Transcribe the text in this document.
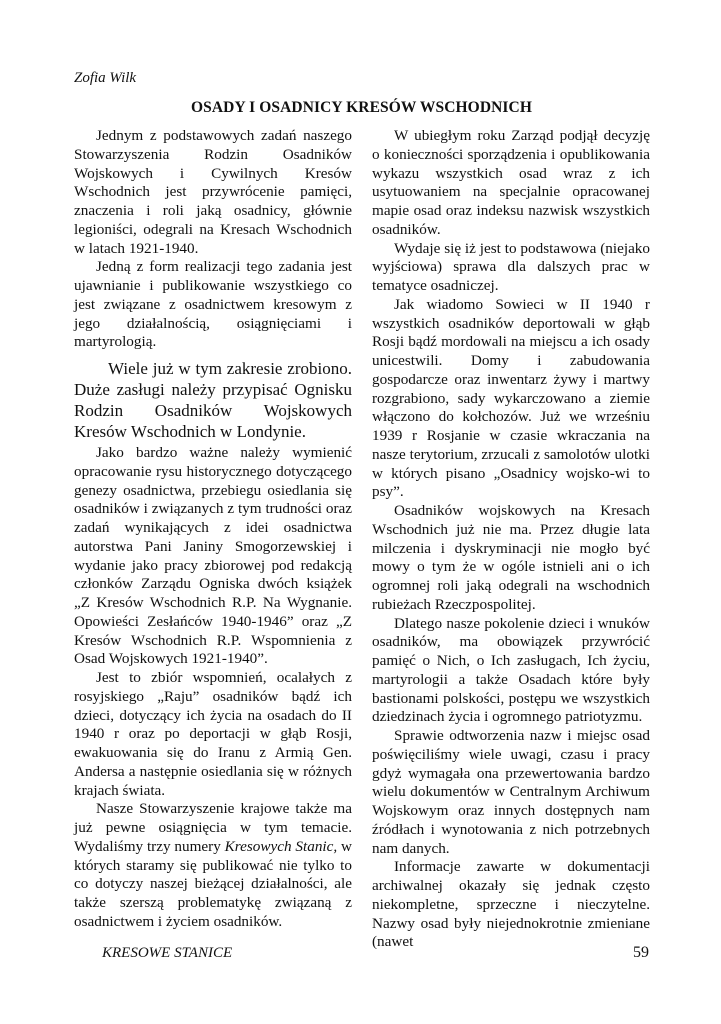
Zofia Wilk
OSADY I OSADNICY KRESÓW WSCHODNICH

Jednym z podstawowych zadań naszego Stowarzyszenia Rodzin Osadników Wojskowych i Cywilnych Kresów Wschodnich jest przywrócenie pamięci, znaczenia i roli jaką osadnicy, głównie legioniści, odegrali na Kresach Wschodnich w latach 1921-1940.

Jedną z form realizacji tego zadania jest ujawnianie i publikowanie wszystkiego co jest związane z osadnictwem kresowym z jego działalnością, osiągnięciami i martyrologią.

Wiele już w tym zakresie zrobiono. Duże zasługi należy przypisać Ognisku Rodzin Osadników Wojskowych Kresów Wschodnich w Londynie.

Jako bardzo ważne należy wymienić opracowanie rysu historycznego dotyczącego genezy osadnictwa, przebiegu osiedlania się osadników i związanych z tym trudności oraz zadań wynikających z idei osadnictwa autorstwa Pani Janiny Smogorzewskiej i wydanie jako pracy zbiorowej pod redakcją członków Zarządu Ogniska dwóch książek „Z Kresów Wschodnich R.P. Na Wygnanie. Opowieści Zesłańców 1940-1946” oraz „Z Kresów Wschodnich R.P. Wspomnienia z Osad Wojskowych 1921-1940”.

Jest to zbiór wspomnień, ocalałych z rosyjskiego „Raju” osadników bądź ich dzieci, dotyczący ich życia na osadach do II 1940 r oraz po deportacji w głąb Rosji, ewakuowania się do Iranu z Armią Gen. Andersa a następnie osiedlania się w różnych krajach świata.

Nasze Stowarzyszenie krajowe także ma już pewne osiągnięcia w tym temacie. Wydaliśmy trzy numery Kresowych Stanic, w których staramy się publikować nie tylko to co dotyczy naszej bieżącej działalności, ale także szerszą problematykę związaną z osadnictwem i życiem osadników.

W ubiegłym roku Zarząd podjął decyzję o konieczności sporządzenia i opublikowania wykazu wszystkich osad wraz z ich usytuowaniem na specjalnie opracowanej mapie osad oraz indeksu nazwisk wszystkich osadników.

Wydaje się iż jest to podstawowa (niejako wyjściowa) sprawa dla dalszych prac w tematyce osadniczej.

Jak wiadomo Sowieci w II 1940 r wszystkich osadników deportowali w głąb Rosji bądź mordowali na miejscu a ich osady unicestwili. Domy i zabudowania gospodarcze oraz inwentarz żywy i martwy rozgrabiono, sady wykarczowano a ziemie włączono do kołchozów. Już we wrześniu 1939 r Rosjanie w czasie wkraczania na nasze terytorium, zrzucali z samolotów ulotki w których pisano „Osadnicy wojsko-wi to psy”.

Osadników wojskowych na Kresach Wschodnich już nie ma. Przez długie lata milczenia i dyskryminacji nie mogło być mowy o tym że w ogóle istnieli ani o ich ogromnej roli jaką odegrali na wschodnich rubieżach Rzeczpospolitej.

Dlatego nasze pokolenie dzieci i wnuków osadników, ma obowiązek przywrócić pamięć o Nich, o Ich zasługach, Ich życiu, martyrologii a także Osadach które były bastionami polskości, postępu we wszystkich dziedzinach życia i ogromnego patriotyzmu.

Sprawie odtworzenia nazw i miejsc osad poświęciliśmy wiele uwagi, czasu i pracy gdyż wymagała ona przewertowania bardzo wielu dokumentów w Centralnym Archiwum Wojskowym oraz innych dostępnych nam źródłach i wynotowania z nich potrzebnych nam danych.

Informacje zawarte w dokumentacji archiwalnej okazały się jednak często niekompletne, sprzeczne i nieczytelne. Nazwy osad były niejednokrotnie zmieniane (nawet

KRESOWE STANICE	59
